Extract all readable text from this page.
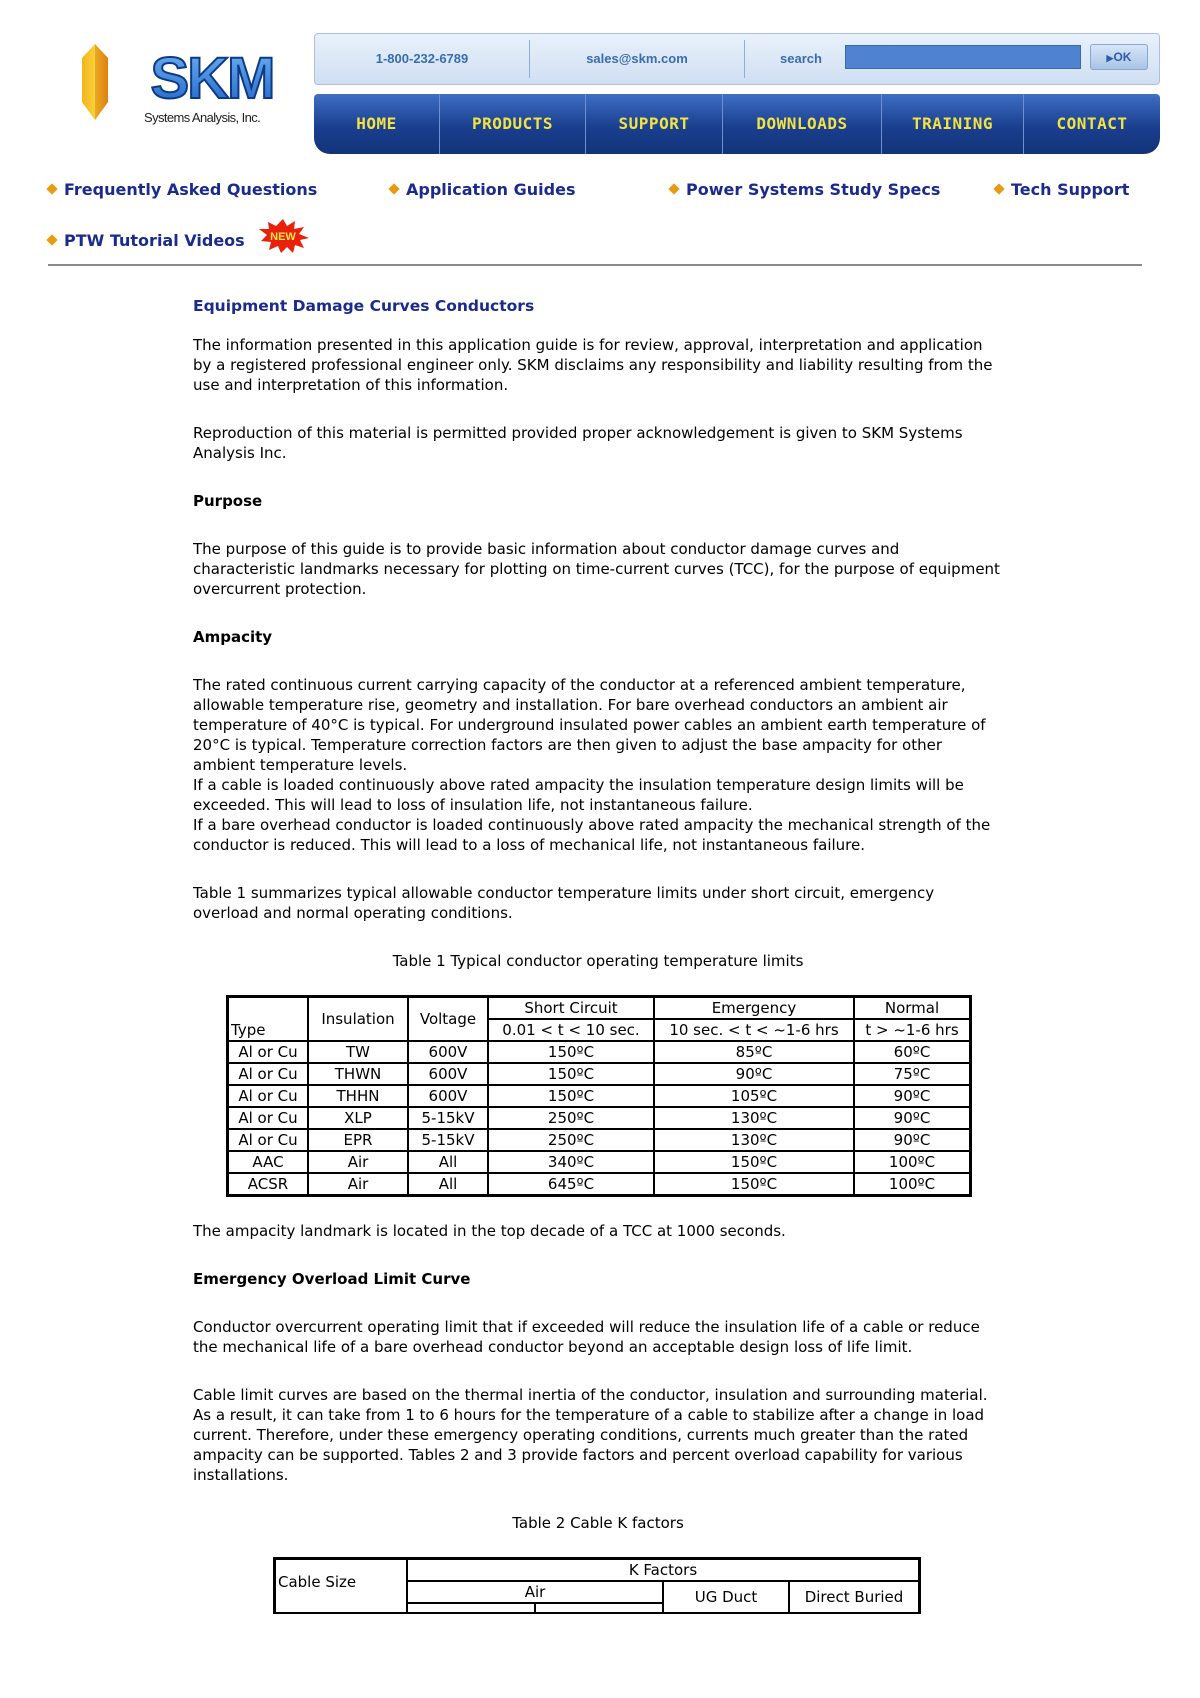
SKM
Systems Analysis, Inc.
1-800-232-6789	sales@skm.com	search	▶OK
HOME	PRODUCTS	SUPPORT	DOWNLOADS	TRAINING	CONTACT
Frequently Asked Questions	Application Guides	Power Systems Study Specs	Tech Support
PTW Tutorial Videos NEW

Equipment Damage Curves Conductors

The information presented in this application guide is for review, approval, interpretation and application by a registered professional engineer only. SKM disclaims any responsibility and liability resulting from the use and interpretation of this information.

Reproduction of this material is permitted provided proper acknowledgement is given to SKM Systems Analysis Inc.

Purpose

The purpose of this guide is to provide basic information about conductor damage curves and characteristic landmarks necessary for plotting on time-current curves (TCC), for the purpose of equipment overcurrent protection.

Ampacity

The rated continuous current carrying capacity of the conductor at a referenced ambient temperature, allowable temperature rise, geometry and installation. For bare overhead conductors an ambient air temperature of 40°C is typical. For underground insulated power cables an ambient earth temperature of 20°C is typical. Temperature correction factors are then given to adjust the base ampacity for other ambient temperature levels.

If a cable is loaded continuously above rated ampacity the insulation temperature design limits will be exceeded. This will lead to loss of insulation life, not instantaneous failure.

If a bare overhead conductor is loaded continuously above rated ampacity the mechanical strength of the conductor is reduced. This will lead to a loss of mechanical life, not instantaneous failure.

Table 1 summarizes typical allowable conductor temperature limits under short circuit, emergency overload and normal operating conditions.

Table 1 Typical conductor operating temperature limits

Type	Insulation	Voltage	Short Circuit	Emergency	Normal
			0.01 < t < 10 sec.	10 sec. < t < ~1-6 hrs	t > ~1-6 hrs
Al or Cu	TW	600V	150ºC	85ºC	60ºC
Al or Cu	THWN	600V	150ºC	90ºC	75ºC
Al or Cu	THHN	600V	150ºC	105ºC	90ºC
Al or Cu	XLP	5-15kV	250ºC	130ºC	90ºC
Al or Cu	EPR	5-15kV	250ºC	130ºC	90ºC
AAC	Air	All	340ºC	150ºC	100ºC
ACSR	Air	All	645ºC	150ºC	100ºC

The ampacity landmark is located in the top decade of a TCC at 1000 seconds.

Emergency Overload Limit Curve

Conductor overcurrent operating limit that if exceeded will reduce the insulation life of a cable or reduce the mechanical life of a bare overhead conductor beyond an acceptable design loss of life limit.

Cable limit curves are based on the thermal inertia of the conductor, insulation and surrounding material. As a result, it can take from 1 to 6 hours for the temperature of a cable to stabilize after a change in load current. Therefore, under these emergency operating conditions, currents much greater than the rated ampacity can be supported. Tables 2 and 3 provide factors and percent overload capability for various installations.

Table 2 Cable K factors

Cable Size	K Factors			
	Air		UG Duct	Direct Buried
